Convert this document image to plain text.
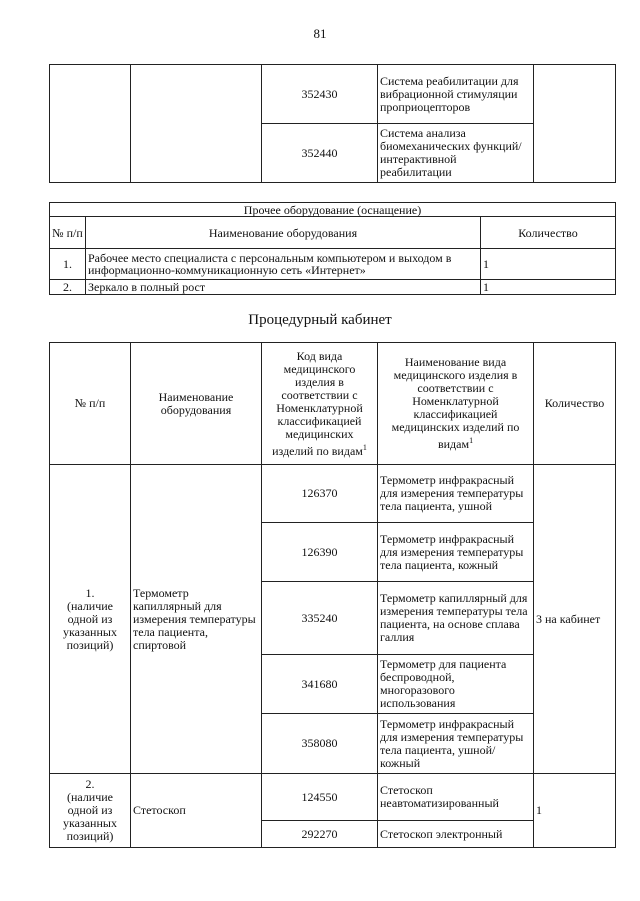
81
		352430	Система реабилитации для вибрационной стимуляции проприоцепторов	
		352440	Система анализа биомеханических функций/интерактивной реабилитации	
Прочее оборудование (оснащение)		
№ п/п	Наименование оборудования	Количество
1.	Рабочее место специалиста с персональным компьютером и выходом в информационно-коммуникационную сеть «Интернет»	1
2.	Зеркало в полный рост	1
Процедурный кабинет
№ п/п	Наименование оборудования	Код вида медицинского изделия в соответствии с Номенклатурной классификацией медицинских изделий по видам$^1$	Наименование вида медицинского изделия в соответствии с Номенклатурной классификацией медицинских изделий по видам$^1$	Количество

1.
(наличие одной из указанных позиций)	Термометр капиллярный для измерения температуры тела пациента, спиртовой	126370	Термометр инфракрасный для измерения температуры тела пациента, ушной	3 на кабинет
		126390	Термометр инфракрасный для измерения температуры тела пациента, кожный	
		335240	Термометр капиллярный для измерения температуры тела пациента, на основе сплава галлия	
		341680	Термометр для пациента беспроводной, многоразового использования	
		358080	Термометр инфракрасный для измерения температуры тела пациента, ушной/кожный	

2.
(наличие одной из указанных позиций)	Стетоскоп	124550	Стетоскоп неавтоматизированный	1
		292270	Стетоскоп электронный	
